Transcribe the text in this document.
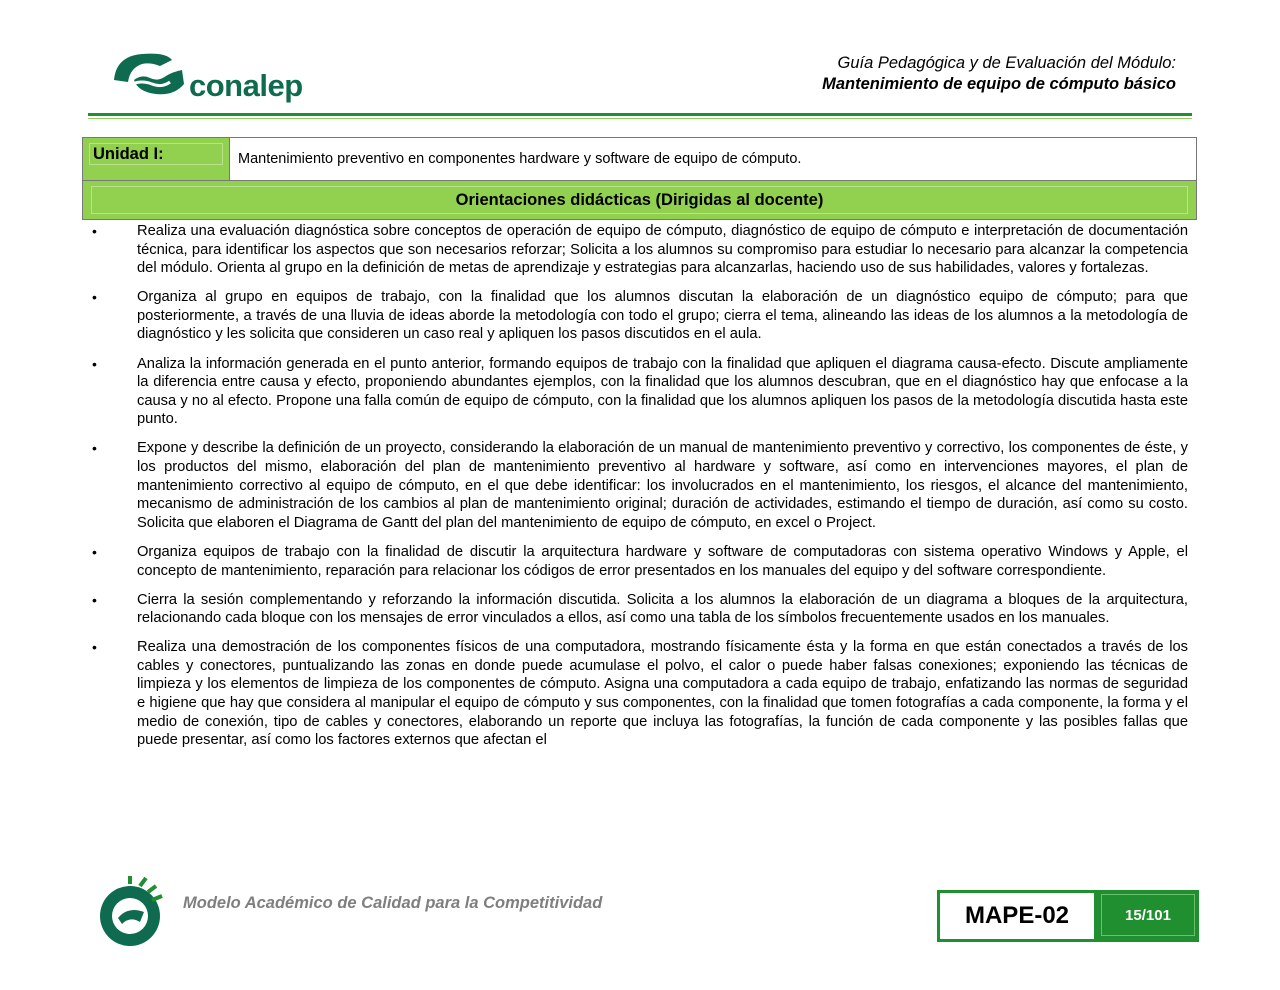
conalep
Guía Pedagógica y de Evaluación del Módulo:
Mantenimiento de equipo de cómputo básico
Unidad I:	Mantenimiento preventivo en componentes hardware y software de equipo de cómputo.
Orientaciones didácticas (Dirigidas al docente)
•	Realiza una evaluación diagnóstica sobre conceptos de operación de equipo de cómputo, diagnóstico de equipo de cómputo e interpretación de documentación técnica, para identificar los aspectos que son necesarios reforzar; Solicita a los alumnos su compromiso para estudiar lo necesario para alcanzar la competencia del módulo. Orienta al grupo en la definición de metas de aprendizaje y estrategias para alcanzarlas, haciendo uso de sus habilidades, valores y fortalezas.
•	Organiza al grupo en equipos de trabajo, con la finalidad que los alumnos discutan la elaboración de un diagnóstico equipo de cómputo; para que posteriormente, a través de una lluvia de ideas aborde la metodología con todo el grupo; cierra el tema, alineando las ideas de los alumnos a la metodología de diagnóstico y les solicita que consideren un caso real y apliquen los pasos discutidos en el aula.
•	Analiza la información generada en el punto anterior, formando equipos de trabajo con la finalidad que apliquen el diagrama causa-efecto. Discute ampliamente la diferencia entre causa y efecto, proponiendo abundantes ejemplos, con la finalidad que los alumnos descubran, que en el diagnóstico hay que enfocase a la causa y no al efecto. Propone una falla común de equipo de cómputo, con la finalidad que los alumnos apliquen los pasos de la metodología discutida hasta este punto.
•	Expone y describe la definición de un proyecto, considerando la elaboración de un manual de mantenimiento preventivo y correctivo, los componentes de éste, y los productos del mismo, elaboración del plan de mantenimiento preventivo al hardware y software, así como en intervenciones mayores, el plan de mantenimiento correctivo al equipo de cómputo, en el que debe identificar: los involucrados en el mantenimiento, los riesgos, el alcance del mantenimiento, mecanismo de administración de los cambios al plan de mantenimiento original; duración de actividades, estimando el tiempo de duración, así como su costo. Solicita que elaboren el Diagrama de Gantt del plan del mantenimiento de equipo de cómputo, en excel o Project.
•	Organiza equipos de trabajo con la finalidad de discutir la arquitectura hardware y software de computadoras con sistema operativo Windows y Apple, el concepto de mantenimiento, reparación para relacionar los códigos de error presentados en los manuales del equipo y del software correspondiente.
•	Cierra la sesión complementando y reforzando la información discutida. Solicita a los alumnos la elaboración de un diagrama a bloques de la arquitectura, relacionando cada bloque con los mensajes de error vinculados a ellos, así como una tabla de los símbolos frecuentemente usados en los manuales.
•	Realiza una demostración de los componentes físicos de una computadora, mostrando físicamente ésta y la forma en que están conectados a través de los cables y conectores, puntualizando las zonas en donde puede acumulase el polvo, el calor o puede haber falsas conexiones; exponiendo las técnicas de limpieza y los elementos de limpieza de los componentes de cómputo. Asigna una computadora a cada equipo de trabajo, enfatizando las normas de seguridad e higiene que hay que considera al manipular el equipo de cómputo y sus componentes, con la finalidad que tomen fotografías a cada componente, la forma y el medio de conexión, tipo de cables y conectores, elaborando un reporte que incluya las fotografías, la función de cada componente y las posibles fallas que puede presentar, así como los factores externos que afectan el
Modelo Académico de Calidad para la Competitividad	MAPE-02	15/101
